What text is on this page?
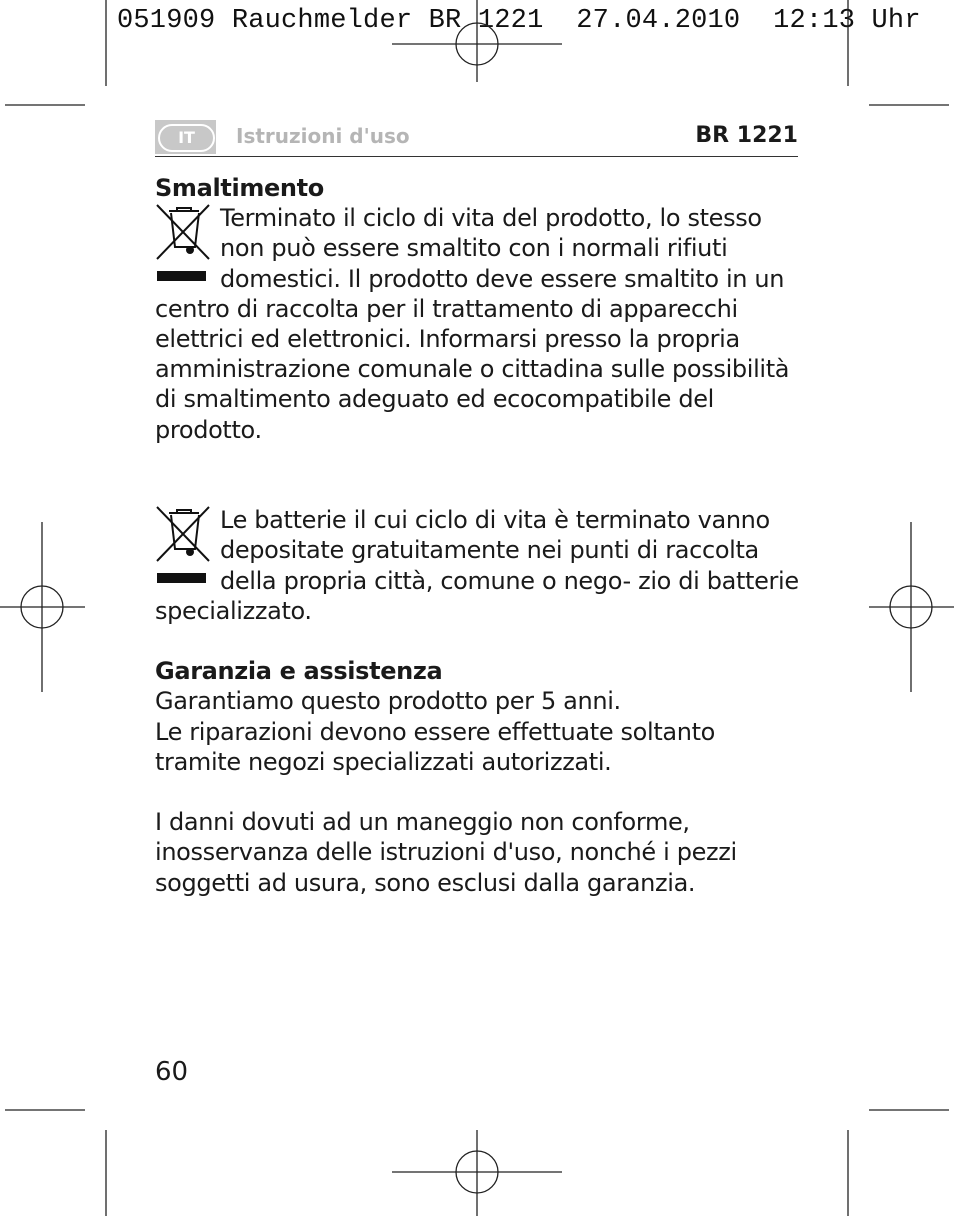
051909 Rauchmelder BR 1221  27.04.2010  12:13 Uhr
IT	Istruzioni d'uso	BR 1221
Smaltimento

Terminato il ciclo di vita del prodotto, lo stesso non può essere smaltito con i normali rifiuti domestici. Il prodotto deve essere smaltito in un centro di raccolta per il trattamento di apparecchi elettrici ed elettronici. Informarsi presso la propria amministrazione comunale o cittadina sulle possibilità di smaltimento adeguato ed ecocompatibile del prodotto.

Le batterie il cui ciclo di vita è terminato vanno depositate gratuitamente nei punti di raccolta della propria città, comune o nego- zio di batterie specializzato.

Garanzia e assistenza

Garantiamo questo prodotto per 5 anni.

Le riparazioni devono essere effettuate soltanto tramite negozi specializzati autorizzati.

I danni dovuti ad un maneggio non conforme, inosservanza delle istruzioni d'uso, nonché i pezzi soggetti ad usura, sono esclusi dalla garanzia.

60
